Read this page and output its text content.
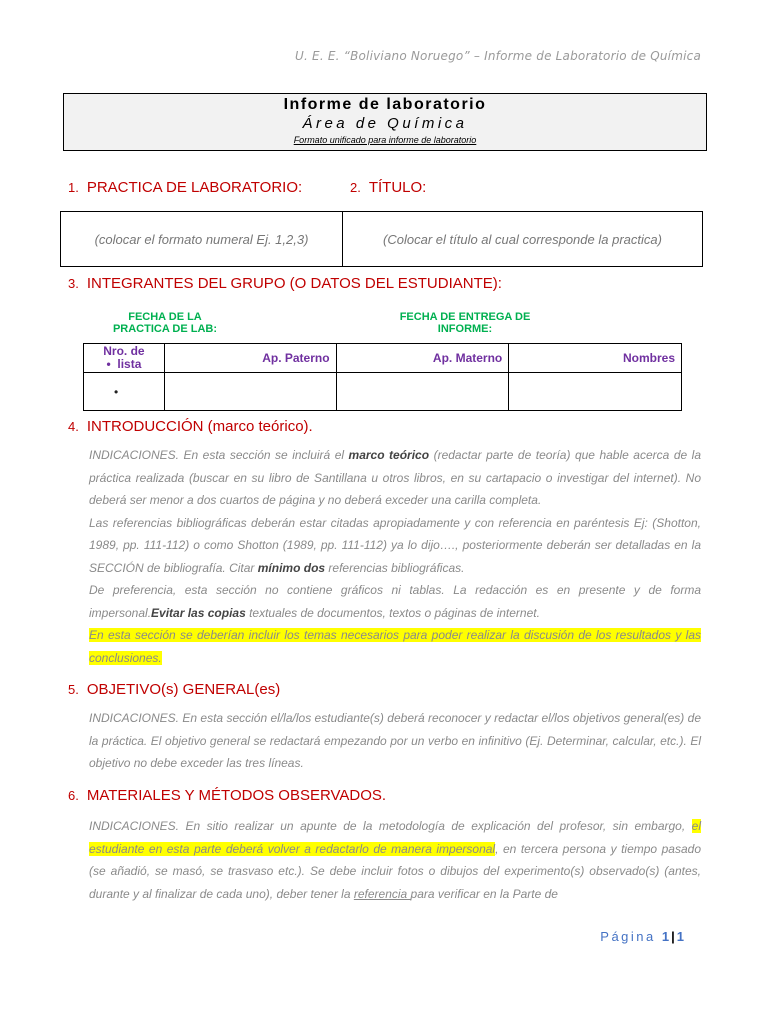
U. E. E. “Boliviano Noruego” – Informe de Laboratorio de Química
Informe de laboratorio
Área de Química
Formato unificado para informe de laboratorio
1. PRACTICA DE LABORATORIO:	2. TÍTULO:
(colocar el formato numeral Ej. 1,2,3)	(Colocar el título al cual corresponde la practica)
3. INTEGRANTES DEL GRUPO (O DATOS DEL ESTUDIANTE):
FECHA DE LA
PRACTICA DE LAB:
FECHA DE ENTREGA DE
INFORME:
Nro. de
• lista	Ap. Paterno	Ap. Materno	Nombres
•			
4. INTRODUCCIÓN (marco teórico).

INDICACIONES. En esta sección se incluirá el marco teórico (redactar parte de teoría) que hable acerca de la práctica realizada (buscar en su libro de Santillana u otros libros, en su cartapacio o investigar del internet). No deberá ser menor a dos cuartos de página y no deberá exceder una carilla completa.

Las referencias bibliográficas deberán estar citadas apropiadamente y con referencia en paréntesis Ej: (Shotton, 1989, pp. 111-112) o como Shotton (1989, pp. 111-112) ya lo dijo…., posteriormente deberán ser detalladas en la SECCIÓN de bibliografía. Citar mínimo dos referencias bibliográficas.

De preferencia, esta sección no contiene gráficos ni tablas. La redacción es en presente y de forma impersonal.Evitar las copias textuales de documentos, textos o páginas de internet.

En esta sección se deberían incluir los temas necesarios para poder realizar la discusión de los resultados y las conclusiones.

5. OBJETIVO(s) GENERAL(es)

INDICACIONES. En esta sección el/la/los estudiante(s) deberá reconocer y redactar el/los objetivos general(es) de la práctica. El objetivo general se redactará empezando por un verbo en infinitivo (Ej. Determinar, calcular, etc.). El objetivo no debe exceder las tres líneas.

6. MATERIALES Y MÉTODOS OBSERVADOS.

INDICACIONES. En sitio realizar un apunte de la metodología de explicación del profesor, sin embargo, el estudiante en esta parte deberá volver a redactarlo de manera impersonal, en tercera persona y tiempo pasado (se añadió, se masó, se trasvaso etc.). Se debe incluir fotos o dibujos del experimento(s) observado(s) (antes, durante y al finalizar de cada uno), deber tener la referencia para verificar en la Parte de

Página 1 | 1
